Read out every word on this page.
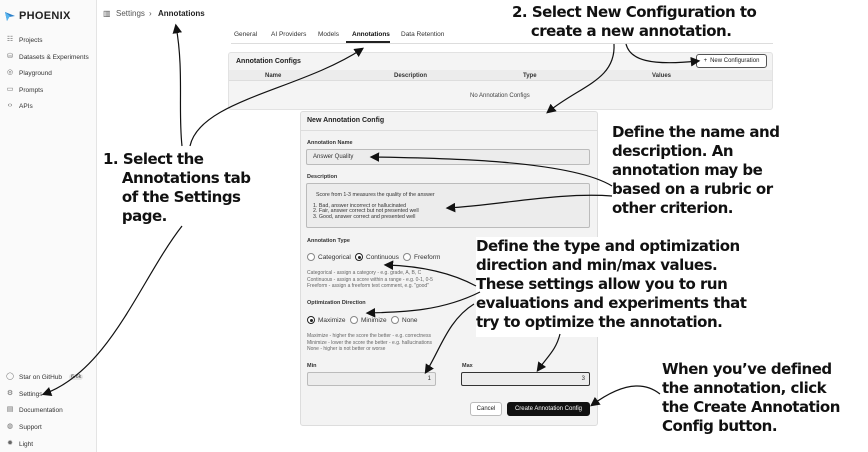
PHOENIX
☷ Projects
⛁ Datasets & Experiments
◎ Playground
▭ Prompts
‹› APIs
◯ Star on GitHub	6.6k
⚙ Settings
▤ Documentation
◍ Support
✹ Light
▥ Settings › Annotations
General AI Providers Models Annotations Data Retention
Annotation Configs	+ New Configuration
Name	Description	Type	Values
No Annotation Configs
New Annotation Config
Annotation Name
Answer Quality
Description

Score from 1-3 measures the quality of the answer

1. Bad, answer incorrect or hallucinated
2. Fair, answer correct but not presented well
3. Good, answer correct and presented well

Annotation Type
Categorical Continuous Freeform
Categorical - assign a category - e.g. grade, A, B, C
Continuous - assign a score within a range - e.g. 0-1, 0-5
Freeform - assign a freeform text comment, e.g. "good"
Optimization Direction
Maximize Minimize None
Maximize - higher the score the better - e.g. correctness
Minimize - lower the score the better - e.g. hallucinations
None - higher is not better or worse
Min
1
Max
3
Cancel	Create Annotation Config
1. Select the
Annotations tab
of the Settings
page.
2. Select New Configuration to
create a new annotation.
Define the name and
description. An
annotation may be
based on a rubric or
other criterion.
Define the type and optimization
direction and min/max values.
These settings allow you to run
evaluations and experiments that
try to optimize the annotation.
When you’ve defined
the annotation, click
the Create Annotation
Config button.
